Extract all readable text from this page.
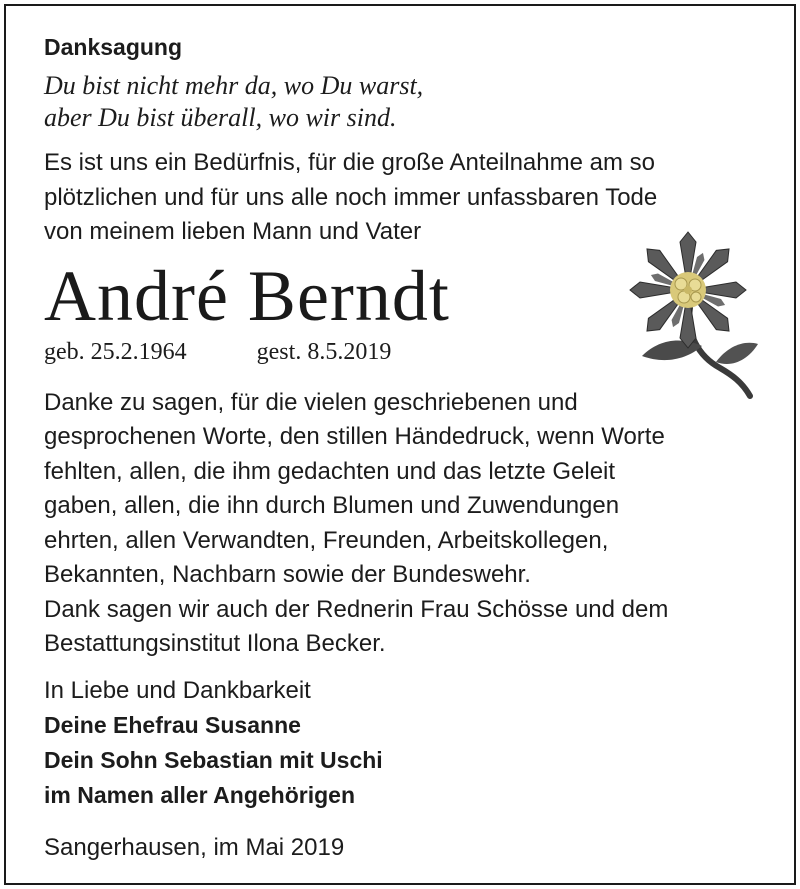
Danksagung
Du bist nicht mehr da, wo Du warst,
aber Du bist überall, wo wir sind.
Es ist uns ein Bedürfnis, für die große Anteilnahme am so
plötzlichen und für uns alle noch immer unfassbaren Tode
von meinem lieben Mann und Vater
André Berndt
geb. 25.2.1964	gest. 8.5.2019
Danke zu sagen, für die vielen geschriebenen und
gesprochenen Worte, den stillen Händedruck, wenn Worte
fehlten, allen, die ihm gedachten und das letzte Geleit
gaben, allen, die ihn durch Blumen und Zuwendungen
ehrten, allen Verwandten, Freunden, Arbeitskollegen,
Bekannten, Nachbarn sowie der Bundeswehr.
Dank sagen wir auch der Rednerin Frau Schösse und dem
Bestattungsinstitut Ilona Becker.
In Liebe und Dankbarkeit
Deine Ehefrau Susanne
Dein Sohn Sebastian mit Uschi
im Namen aller Angehörigen
Sangerhausen, im Mai 2019
